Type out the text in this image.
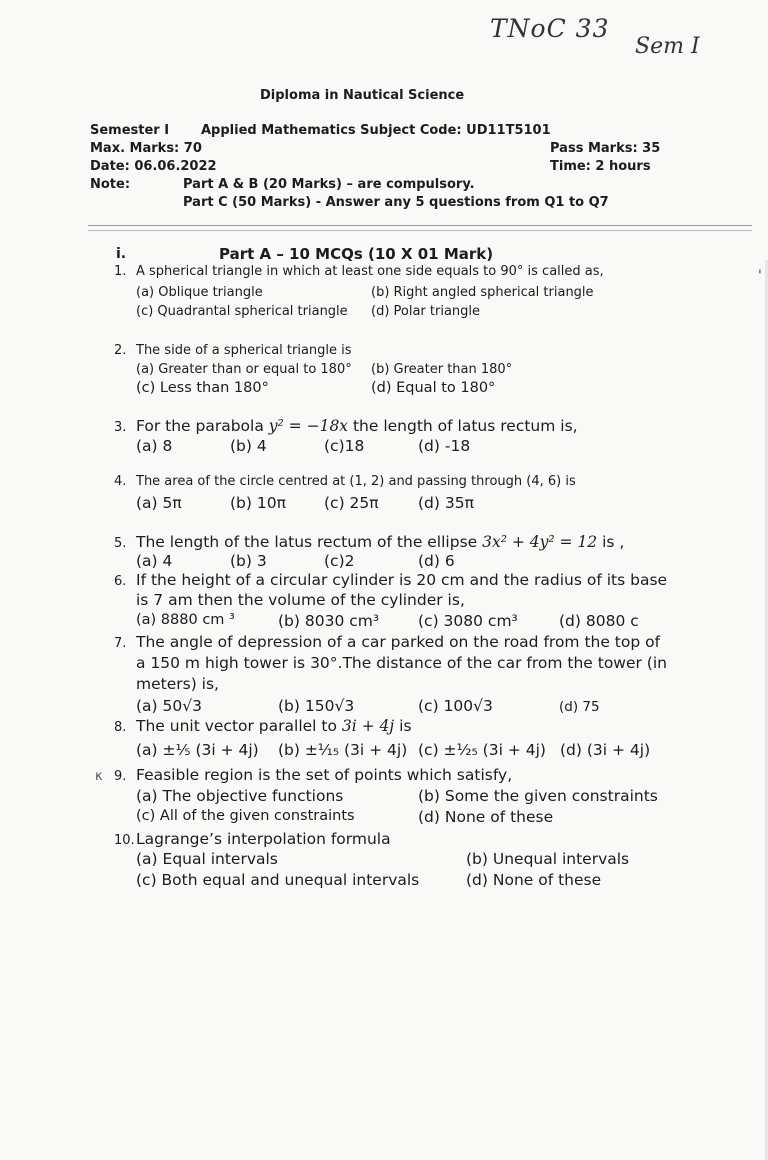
TNoC 33
Sem I
Diploma in Nautical Science
Semester I Applied Mathematics Subject Code: UD11T5101
Max. Marks: 70	Pass Marks: 35
Date: 06.06.2022	Time: 2 hours
Note:	Part A & B (20 Marks) – are compulsory.
Part C (50 Marks) - Answer any 5 questions from Q1 to Q7
i.	Part A – 10 MCQs (10 X 01 Mark)
'
1. A spherical triangle in which at least one side equals to 90° is called as,
(a) Oblique triangle	(b) Right angled spherical triangle
(c) Quadrantal spherical triangle (d) Polar triangle
2. The side of a spherical triangle is
(a) Greater than or equal to 180° (b) Greater than 180°
(c) Less than 180°	(d) Equal to 180°
3. For the parabola y² = −18x the length of latus rectum is,
(a) 8	(b) 4	(c)18	(d) -18
4. The area of the circle centred at (1, 2) and passing through (4, 6) is
(a) 5π	(b) 10π (c) 25π	(d) 35π
5. The length of the latus rectum of the ellipse 3x² + 4y² = 12 is ,
(a) 4	(b) 3	(c)2	(d) 6
6. If the height of a circular cylinder is 20 cm and the radius of its base
is 7 am then the volume of the cylinder is,
(a) 8880 cm ³	(b) 8030 cm³	(c) 3080 cm³	(d) 8080 c
7. The angle of depression of a car parked on the road from the top of
a 150 m high tower is 30°.The distance of the car from the tower (in
meters) is,
(a) 50√3	(b) 150√3	(c) 100√3	(d) 75
8. The unit vector parallel to 3i + 4j is
(a) ±⅕ (3i + 4j) (b) ±¹⁄₁₅ (3i + 4j) (c) ±¹⁄₂₅ (3i + 4j) (d) (3i + 4j)
κ 9. Feasible region is the set of points which satisfy,
(a) The objective functions	(b) Some the given constraints
(c) All of the given constraints	(d) None of these
10. Lagrange’s interpolation formula
(a) Equal intervals	(b) Unequal intervals
(c) Both equal and unequal intervals	(d) None of these
